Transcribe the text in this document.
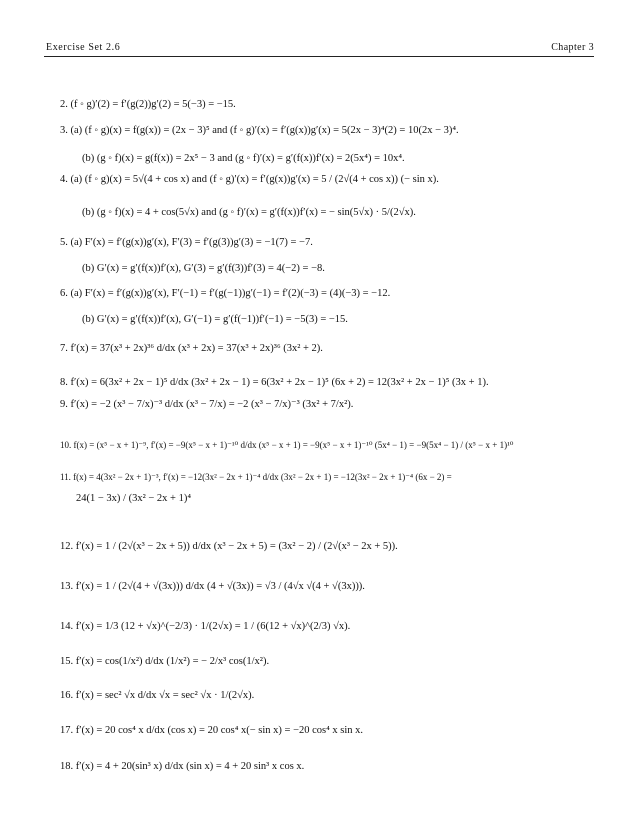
Exercise Set 2.6	Chapter 3
2. (f ◦ g)′(2) = f′(g(2))g′(2) = 5(−3) = −15.
3. (a) (f ◦ g)(x) = f(g(x)) = (2x − 3)⁵ and (f ◦ g)′(x) = f′(g(x))g′(x) = 5(2x − 3)⁴(2) = 10(2x − 3)⁴.
(b) (g ◦ f)(x) = g(f(x)) = 2x⁵ − 3 and (g ◦ f)′(x) = g′(f(x))f′(x) = 2(5x⁴) = 10x⁴.
4. (a) (f ◦ g)(x) = 5√(4 + cos x) and (f ◦ g)′(x) = f′(g(x))g′(x) = 5 / (2√(4 + cos x)) (− sin x).
(b) (g ◦ f)(x) = 4 + cos(5√x) and (g ◦ f)′(x) = g′(f(x))f′(x) = − sin(5√x) · 5/(2√x).
5. (a) F′(x) = f′(g(x))g′(x), F′(3) = f′(g(3))g′(3) = −1(7) = −7.
(b) G′(x) = g′(f(x))f′(x), G′(3) = g′(f(3))f′(3) = 4(−2) = −8.
6. (a) F′(x) = f′(g(x))g′(x), F′(−1) = f′(g(−1))g′(−1) = f′(2)(−3) = (4)(−3) = −12.
(b) G′(x) = g′(f(x))f′(x), G′(−1) = g′(f(−1))f′(−1) = −5(3) = −15.
7. f′(x) = 37(x³ + 2x)³⁶ d/dx (x³ + 2x) = 37(x³ + 2x)³⁶ (3x² + 2).
8. f′(x) = 6(3x² + 2x − 1)⁵ d/dx (3x² + 2x − 1) = 6(3x² + 2x − 1)⁵ (6x + 2) = 12(3x² + 2x − 1)⁵ (3x + 1).
9. f′(x) = −2 (x³ − 7/x)⁻³ d/dx (x³ − 7/x) = −2 (x³ − 7/x)⁻³ (3x² + 7/x²).
10. f(x) = (x⁵ − x + 1)⁻⁹, f′(x) = −9(x⁵ − x + 1)⁻¹⁰ d/dx (x⁵ − x + 1) = −9(x⁵ − x + 1)⁻¹⁰ (5x⁴ − 1) = −9(5x⁴ − 1) / (x⁵ − x + 1)¹⁰
11. f(x) = 4(3x² − 2x + 1)⁻³, f′(x) = −12(3x² − 2x + 1)⁻⁴ d/dx (3x² − 2x + 1) = −12(3x² − 2x + 1)⁻⁴ (6x − 2) =
24(1 − 3x) / (3x² − 2x + 1)⁴
12. f′(x) = 1 / (2√(x³ − 2x + 5)) d/dx (x³ − 2x + 5) = (3x² − 2) / (2√(x³ − 2x + 5)).
13. f′(x) = 1 / (2√(4 + √(3x))) d/dx (4 + √(3x)) = √3 / (4√x √(4 + √(3x))).
14. f′(x) = 1/3 (12 + √x)^(−2/3) · 1/(2√x) = 1 / (6(12 + √x)^(2/3) √x).
15. f′(x) = cos(1/x²) d/dx (1/x²) = − 2/x³ cos(1/x²).
16. f′(x) = sec² √x d/dx √x = sec² √x · 1/(2√x).
17. f′(x) = 20 cos⁴ x d/dx (cos x) = 20 cos⁴ x(− sin x) = −20 cos⁴ x sin x.
18. f′(x) = 4 + 20(sin³ x) d/dx (sin x) = 4 + 20 sin³ x cos x.
